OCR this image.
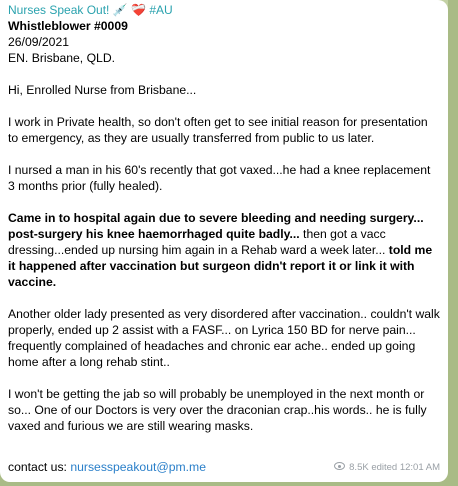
Nurses Speak Out! 💉 ❤️‍🩹 #AU
Whistleblower #0009
26/09/2021
EN. Brisbane, QLD.
Hi, Enrolled Nurse from Brisbane...
I work in Private health, so don't often get to see initial reason for presentation to emergency, as they are usually transferred from public to us later.
I nursed a man in his 60's recently that got vaxed...he had a knee replacement 3 months prior (fully healed).
Came in to hospital again due to severe bleeding and needing surgery... post-surgery his knee haemorrhaged quite badly... then got a vacc dressing...ended up nursing him again in a Rehab ward a week later... told me it happened after vaccination but surgeon didn't report it or link it with vaccine.
Another older lady presented as very disordered after vaccination.. couldn't walk properly, ended up 2 assist with a FASF... on Lyrica 150 BD for nerve pain... frequently complained of headaches and chronic ear ache.. ended up going home after a long rehab stint..
I won't be getting the jab so will probably be unemployed in the next month or so... One of our Doctors is very over the draconian crap..his words.. he is fully vaxed and furious we are still wearing masks.
contact us: nursesspeakout@pm.me	8.5K edited 12:01 AM
